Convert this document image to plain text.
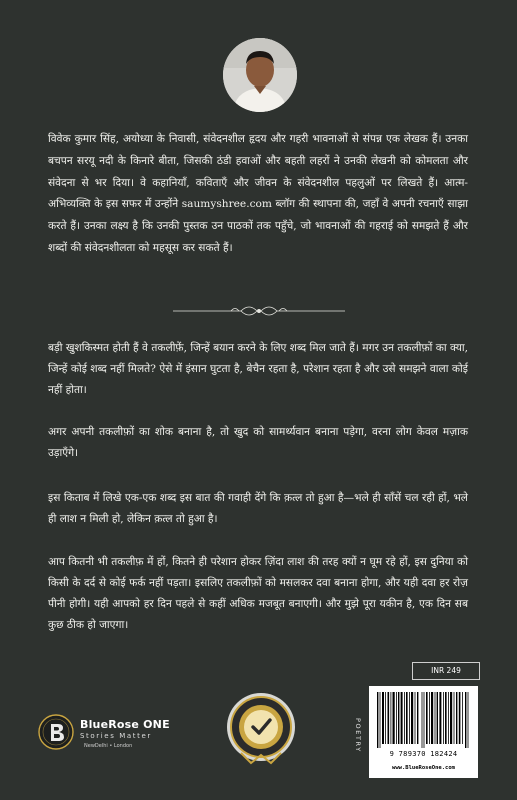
विवेक कुमार सिंह, अयोध्या के निवासी, संवेदनशील हृदय और गहरी भावनाओं से संपन्न एक लेखक हैं। उनका बचपन सरयू नदी के किनारे बीता, जिसकी ठंडी हवाओं और बहती लहरों ने उनकी लेखनी को कोमलता और संवेदना से भर दिया। वे कहानियाँ, कविताएँ और जीवन के संवेदनशील पहलुओं पर लिखते हैं। आत्म-अभिव्यक्ति के इस सफर में उन्होंने saumyshree.com ब्लॉग की स्थापना की, जहाँ वे अपनी रचनाएँ साझा करते हैं। उनका लक्ष्य है कि उनकी पुस्तक उन पाठकों तक पहुँचे, जो भावनाओं की गहराई को समझते हैं और शब्दों की संवेदनशीलता को महसूस कर सकते हैं।

बड़ी खुशकिस्मत होती हैं वे तकलीफ़ें, जिन्हें बयान करने के लिए शब्द मिल जाते हैं। मगर उन तकलीफ़ों का क्या, जिन्हें कोई शब्द नहीं मिलते? ऐसे में इंसान घुटता है, बेचैन रहता है, परेशान रहता है और उसे समझने वाला कोई नहीं होता।

अगर अपनी तकलीफ़ों का शोक बनाना है, तो खुद को सामर्थ्यवान बनाना पड़ेगा, वरना लोग केवल मज़ाक उड़ाएँगे।

इस किताब में लिखे एक-एक शब्द इस बात की गवाही देंगे कि क़त्ल तो हुआ है—भले ही साँसें चल रही हों, भले ही लाश न मिली हो, लेकिन क़त्ल तो हुआ है।

आप कितनी भी तकलीफ़ में हों, कितने ही परेशान होकर ज़िंदा लाश की तरह क्यों न घूम रहे हों, इस दुनिया को किसी के दर्द से कोई फर्क नहीं पड़ता। इसलिए तकलीफ़ों को मसलकर दवा बनाना होगा, और यही दवा हर रोज़ पीनी होगी। यही आपको हर दिन पहले से कहीं अधिक मजबूत बनाएगी। और मुझे पूरा यकीन है, एक दिन सब कुछ ठीक हो जाएगा।

BlueRose ONE
Stories Matter
NewDelhi • London
INR 249
POETRY
9 789370 182424
www.BlueRoseOne.com
